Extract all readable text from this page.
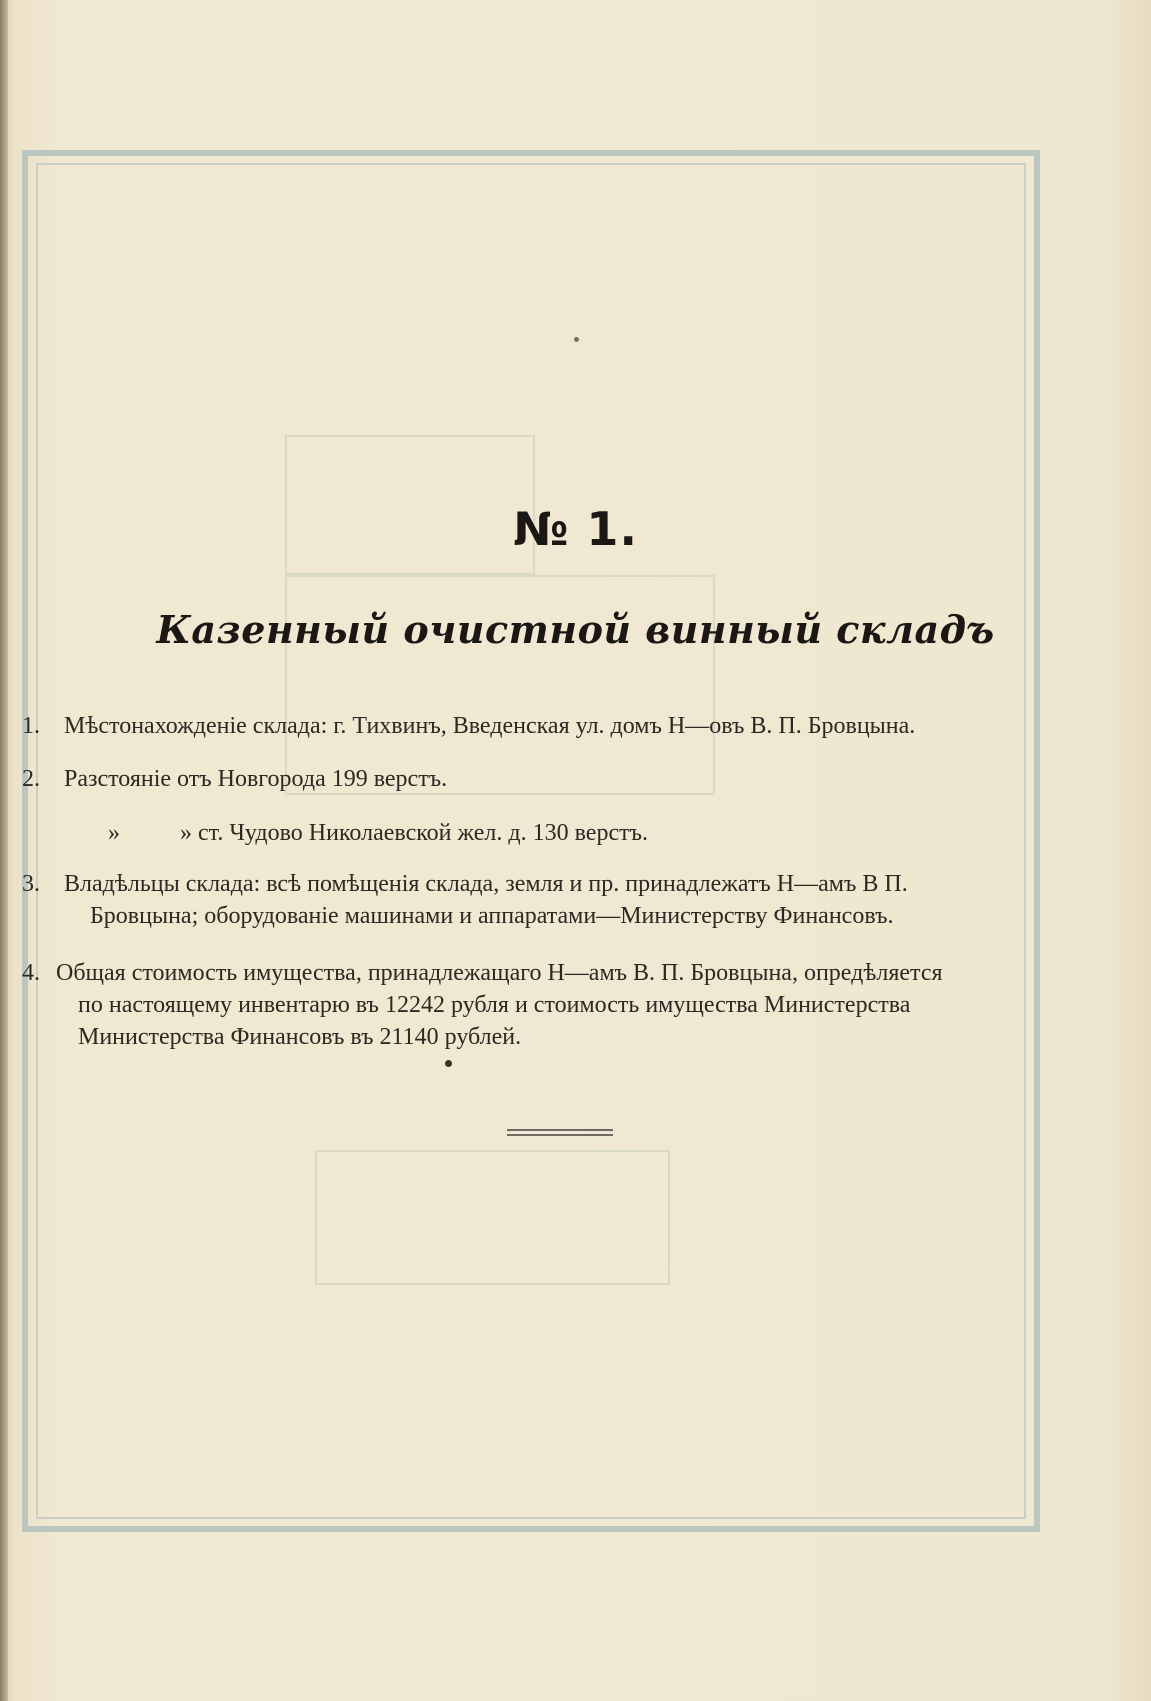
№ 1.
Казенный очистной винный складъ
1.	Мѣстонахожденіе склада: г. Тихвинъ, Введенская ул. домъ Н—овъ В. П. Бровцына.
2.	Разстояніе отъ Новгорода 199 верстъ.
»          » ст. Чудово Николаевской жел. д. 130 верстъ.
3.	Владѣльцы склада: всѣ помѣщенія склада, земля и пр. принадлежатъ Н—амъ В П.
Бровцына; оборудованіе машинами и аппаратами—Министерству Финансовъ.
4. Общая стоимость имущества, принадлежащаго Н—амъ В. П. Бровцына, опредѣляется
по настоящему инвентарю въ 12242 рубля и стоимость имущества Министерства
Министерства Финансовъ въ 21140 рублей.
